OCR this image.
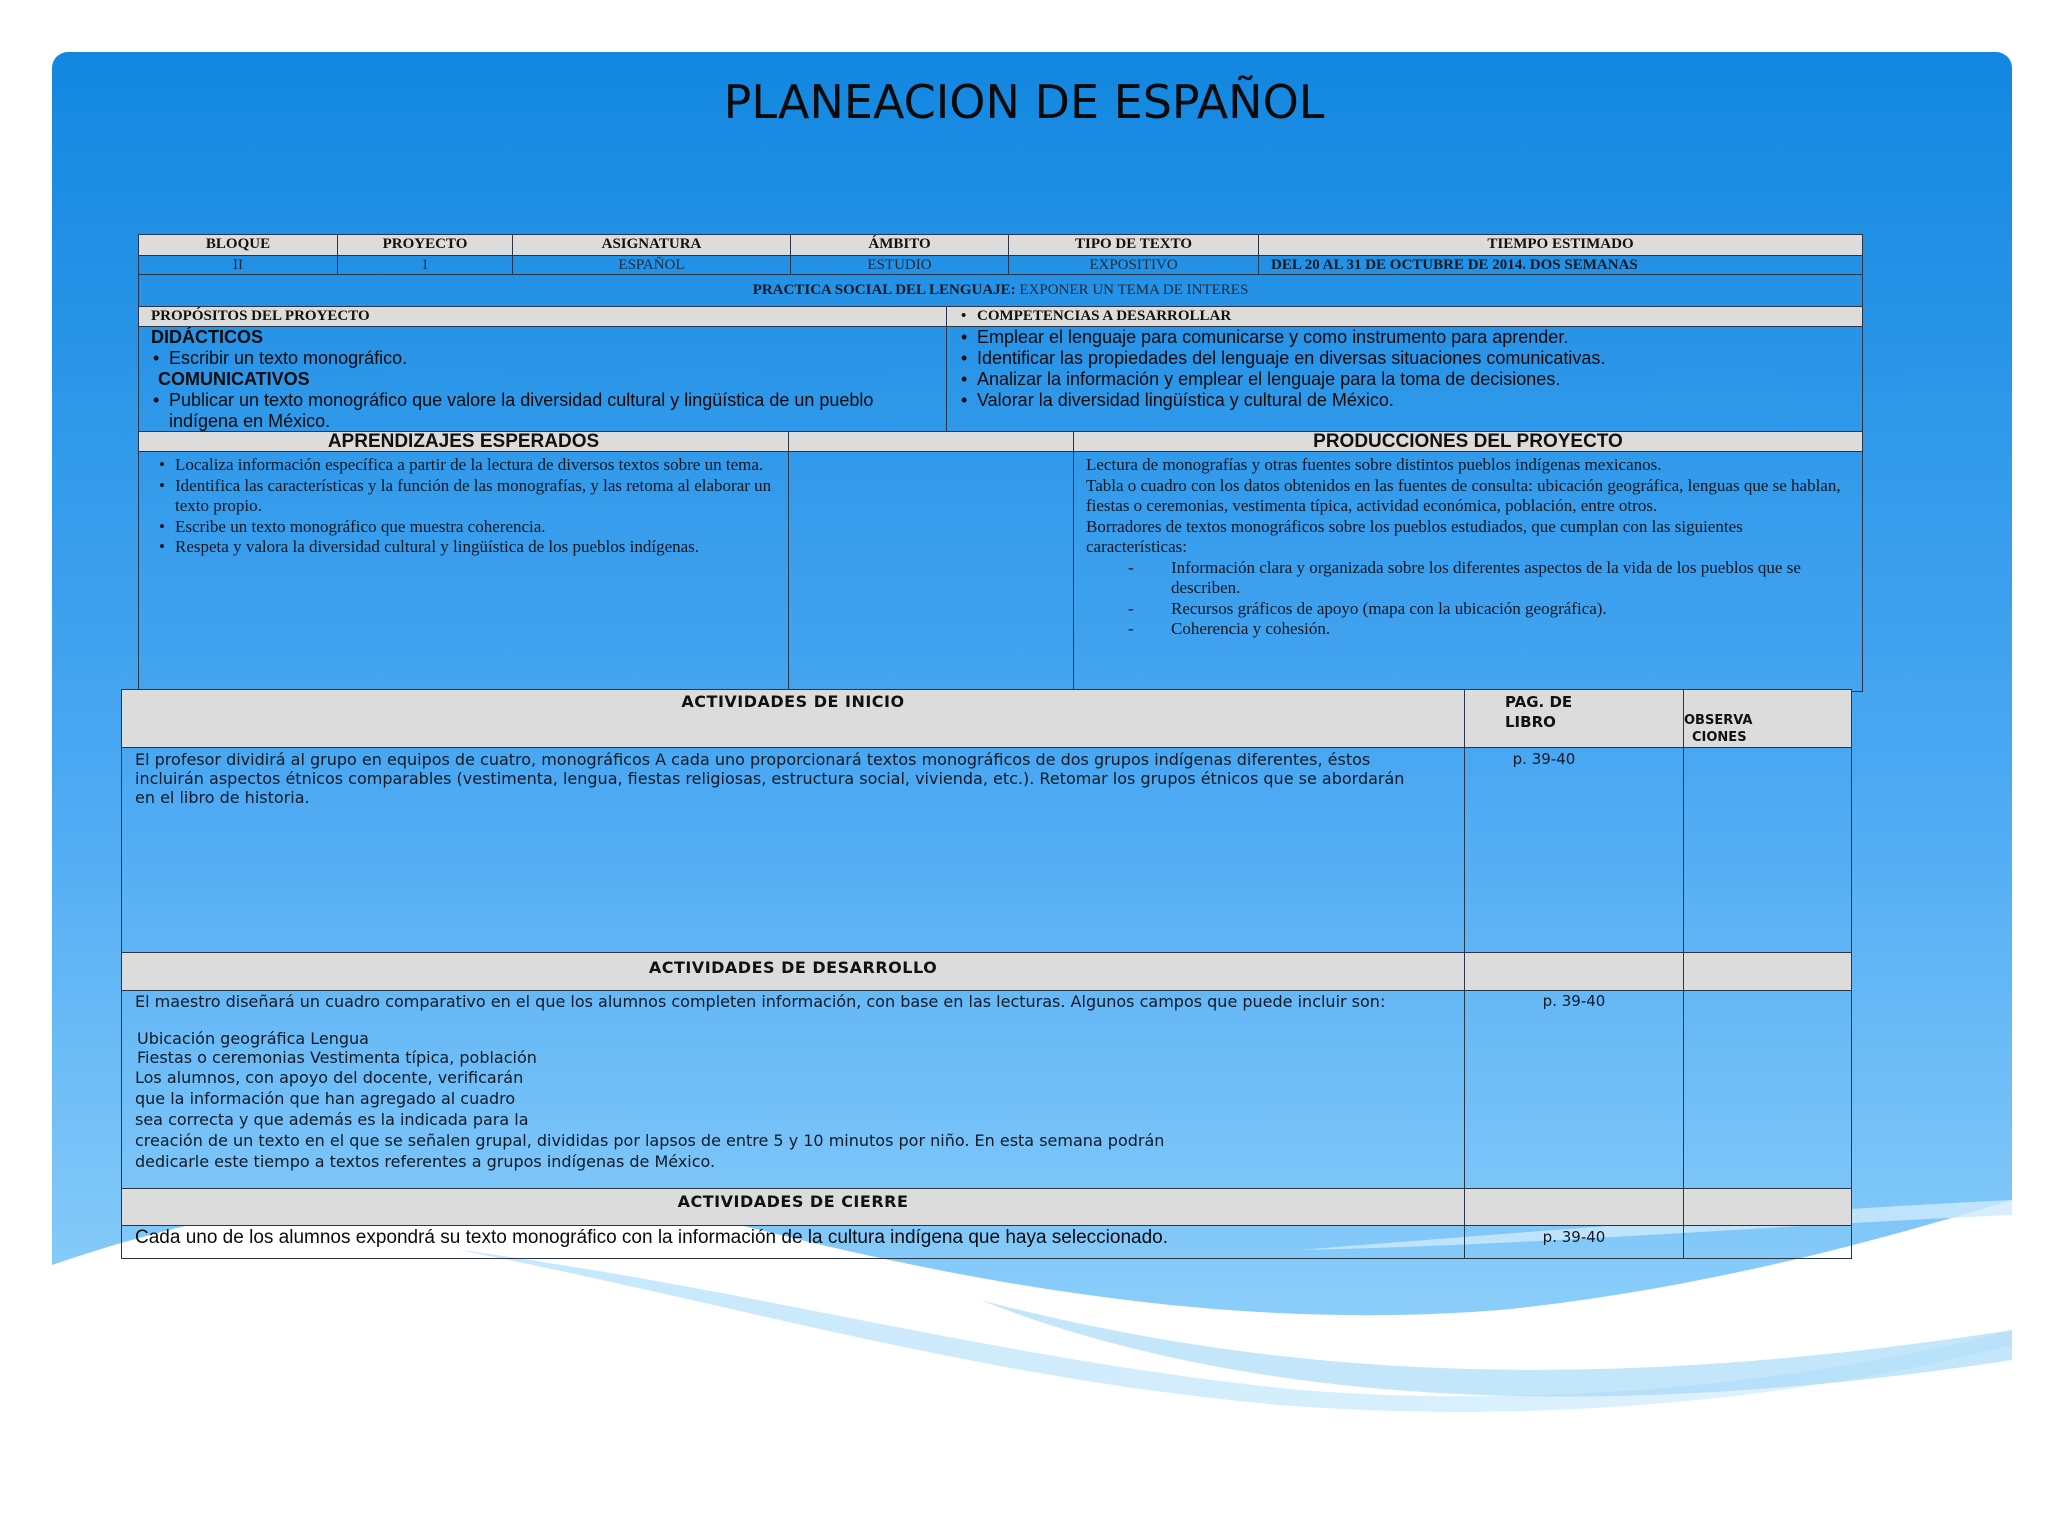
PLANEACION DE ESPAÑOL
BLOQUE	PROYECTO	ASIGNATURA	ÁMBITO	TIPO DE TEXTO	TIEMPO ESTIMADO
II	1	ESPAÑOL	ESTUDIO	EXPOSITIVO	DEL 20 AL 31 DE OCTUBRE DE 2014. DOS SEMANAS
PRACTICA SOCIAL DEL LENGUAJE: EXPONER UN TEMA DE INTERES
PROPÓSITOS DEL PROYECTO
•	COMPETENCIAS A DESARROLLAR
DIDÁCTICOS
• Escribir un texto monográfico.
COMUNICATIVOS
• Publicar un texto monográfico que valore la diversidad cultural y lingüística de un pueblo indígena en México.
• Emplear el lenguaje para comunicarse y como instrumento para aprender.
• Identificar las propiedades del lenguaje en diversas situaciones comunicativas.
• Analizar la información y emplear el lenguaje para la toma de decisiones.
• Valorar la diversidad lingüística y cultural de México.
APRENDIZAJES ESPERADOS	PRODUCCIONES DEL PROYECTO
• Localiza información específica a partir de la lectura de diversos textos sobre un tema.
• Identifica las características y la función de las monografías, y las retoma al elaborar un texto propio.
• Escribe un texto monográfico que muestra coherencia.
• Respeta y valora la diversidad cultural y lingüística de los pueblos indígenas.
Lectura de monografías y otras fuentes sobre distintos pueblos indígenas mexicanos.
Tabla o cuadro con los datos obtenidos en las fuentes de consulta: ubicación geográfica, lenguas que se hablan, fiestas o ceremonias, vestimenta típica, actividad económica, población, entre otros.
Borradores de textos monográficos sobre los pueblos estudiados, que cumplan con las siguientes características:
- Información clara y organizada sobre los diferentes aspectos de la vida de los pueblos que se describen.
- Recursos gráficos de apoyo (mapa con la ubicación geográfica).
- Coherencia y cohesión.
ACTIVIDADES DE INICIO	PAG. DE
LIBRO	OBSERVA
CIONES
El profesor dividirá al grupo en equipos de cuatro, monográficos A cada uno proporcionará textos monográficos de dos grupos indígenas diferentes, éstos incluirán aspectos étnicos comparables (vestimenta, lengua, fiestas religiosas, estructura social, vivienda, etc.). Retomar los grupos étnicos que se abordarán en el libro de historia.
p. 39-40
ACTIVIDADES DE DESARROLLO
El maestro diseñará un cuadro comparativo en el que los alumnos completen información, con base en las lecturas. Algunos campos que puede incluir son:
Ubicación geográfica Lengua
Fiestas o ceremonias Vestimenta típica, población
Los alumnos, con apoyo del docente, verificarán
que la información que han agregado al cuadro
sea correcta y que además es la indicada para la
creación de un texto en el que se señalen grupal, divididas por lapsos de entre 5 y 10 minutos por niño. En esta semana podrán
dedicarle este tiempo a textos referentes a grupos indígenas de México.
p. 39-40
ACTIVIDADES DE CIERRE
Cada uno de los alumnos expondrá su texto monográfico con la información de la cultura indígena que haya seleccionado.	p. 39-40
